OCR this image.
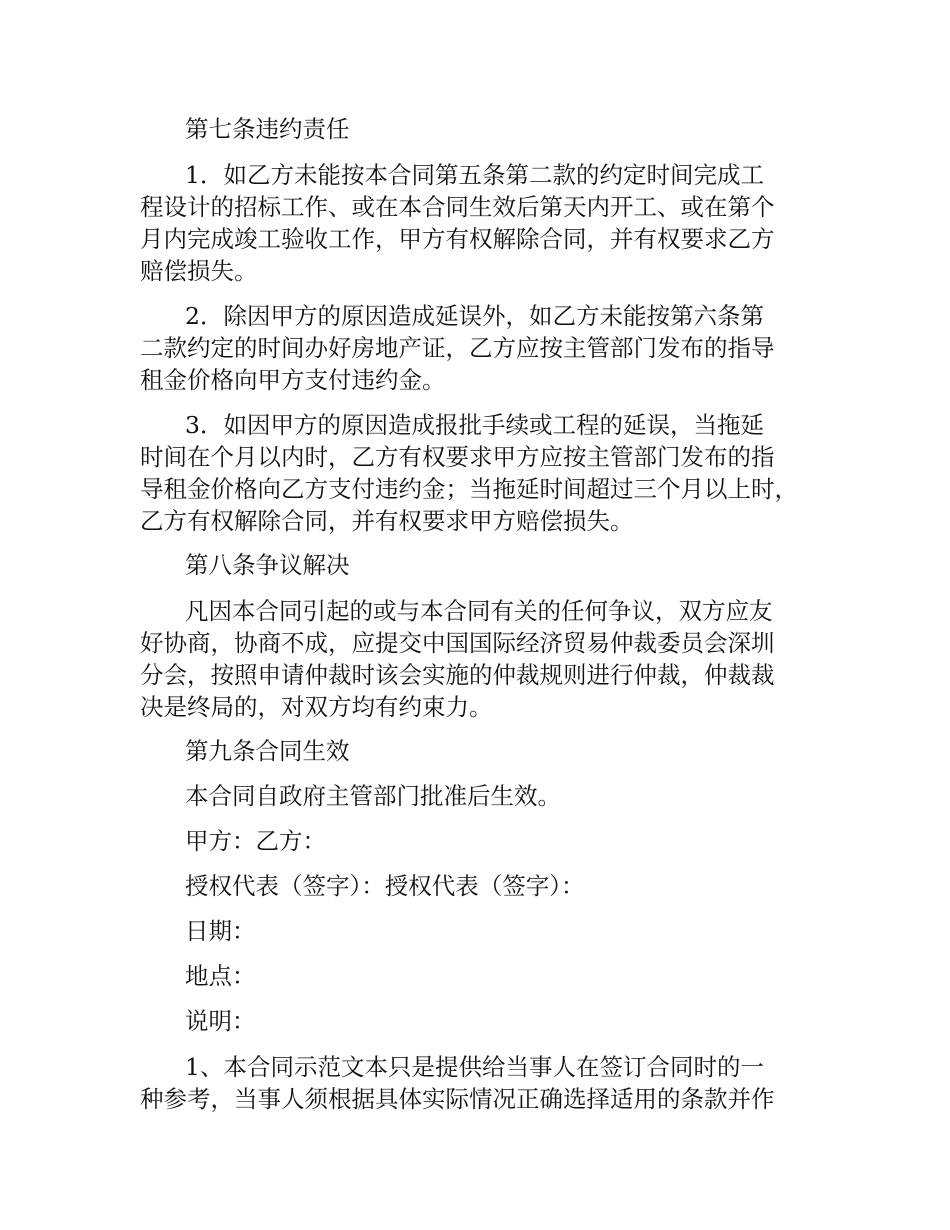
第七条违约责任
1．如乙方未能按本合同第五条第二款的约定时间完成工
程设计的招标工作、或在本合同生效后第天内开工、或在第个
月内完成竣工验收工作，甲方有权解除合同，并有权要求乙方
赔偿损失。
2．除因甲方的原因造成延误外，如乙方未能按第六条第
二款约定的时间办好房地产证，乙方应按主管部门发布的指导
租金价格向甲方支付违约金。
3．如因甲方的原因造成报批手续或工程的延误，当拖延
时间在个月以内时，乙方有权要求甲方应按主管部门发布的指
导租金价格向乙方支付违约金；当拖延时间超过三个月以上时，
乙方有权解除合同，并有权要求甲方赔偿损失。
第八条争议解决
凡因本合同引起的或与本合同有关的任何争议，双方应友
好协商，协商不成，应提交中国国际经济贸易仲裁委员会深圳
分会，按照申请仲裁时该会实施的仲裁规则进行仲裁，仲裁裁
决是终局的，对双方均有约束力。
第九条合同生效
本合同自政府主管部门批准后生效。
甲方：乙方：
授权代表（签字）：授权代表（签字）：
日期：
地点：
说明：
1、本合同示范文本只是提供给当事人在签订合同时的一
种参考，当事人须根据具体实际情况正确选择适用的条款并作
